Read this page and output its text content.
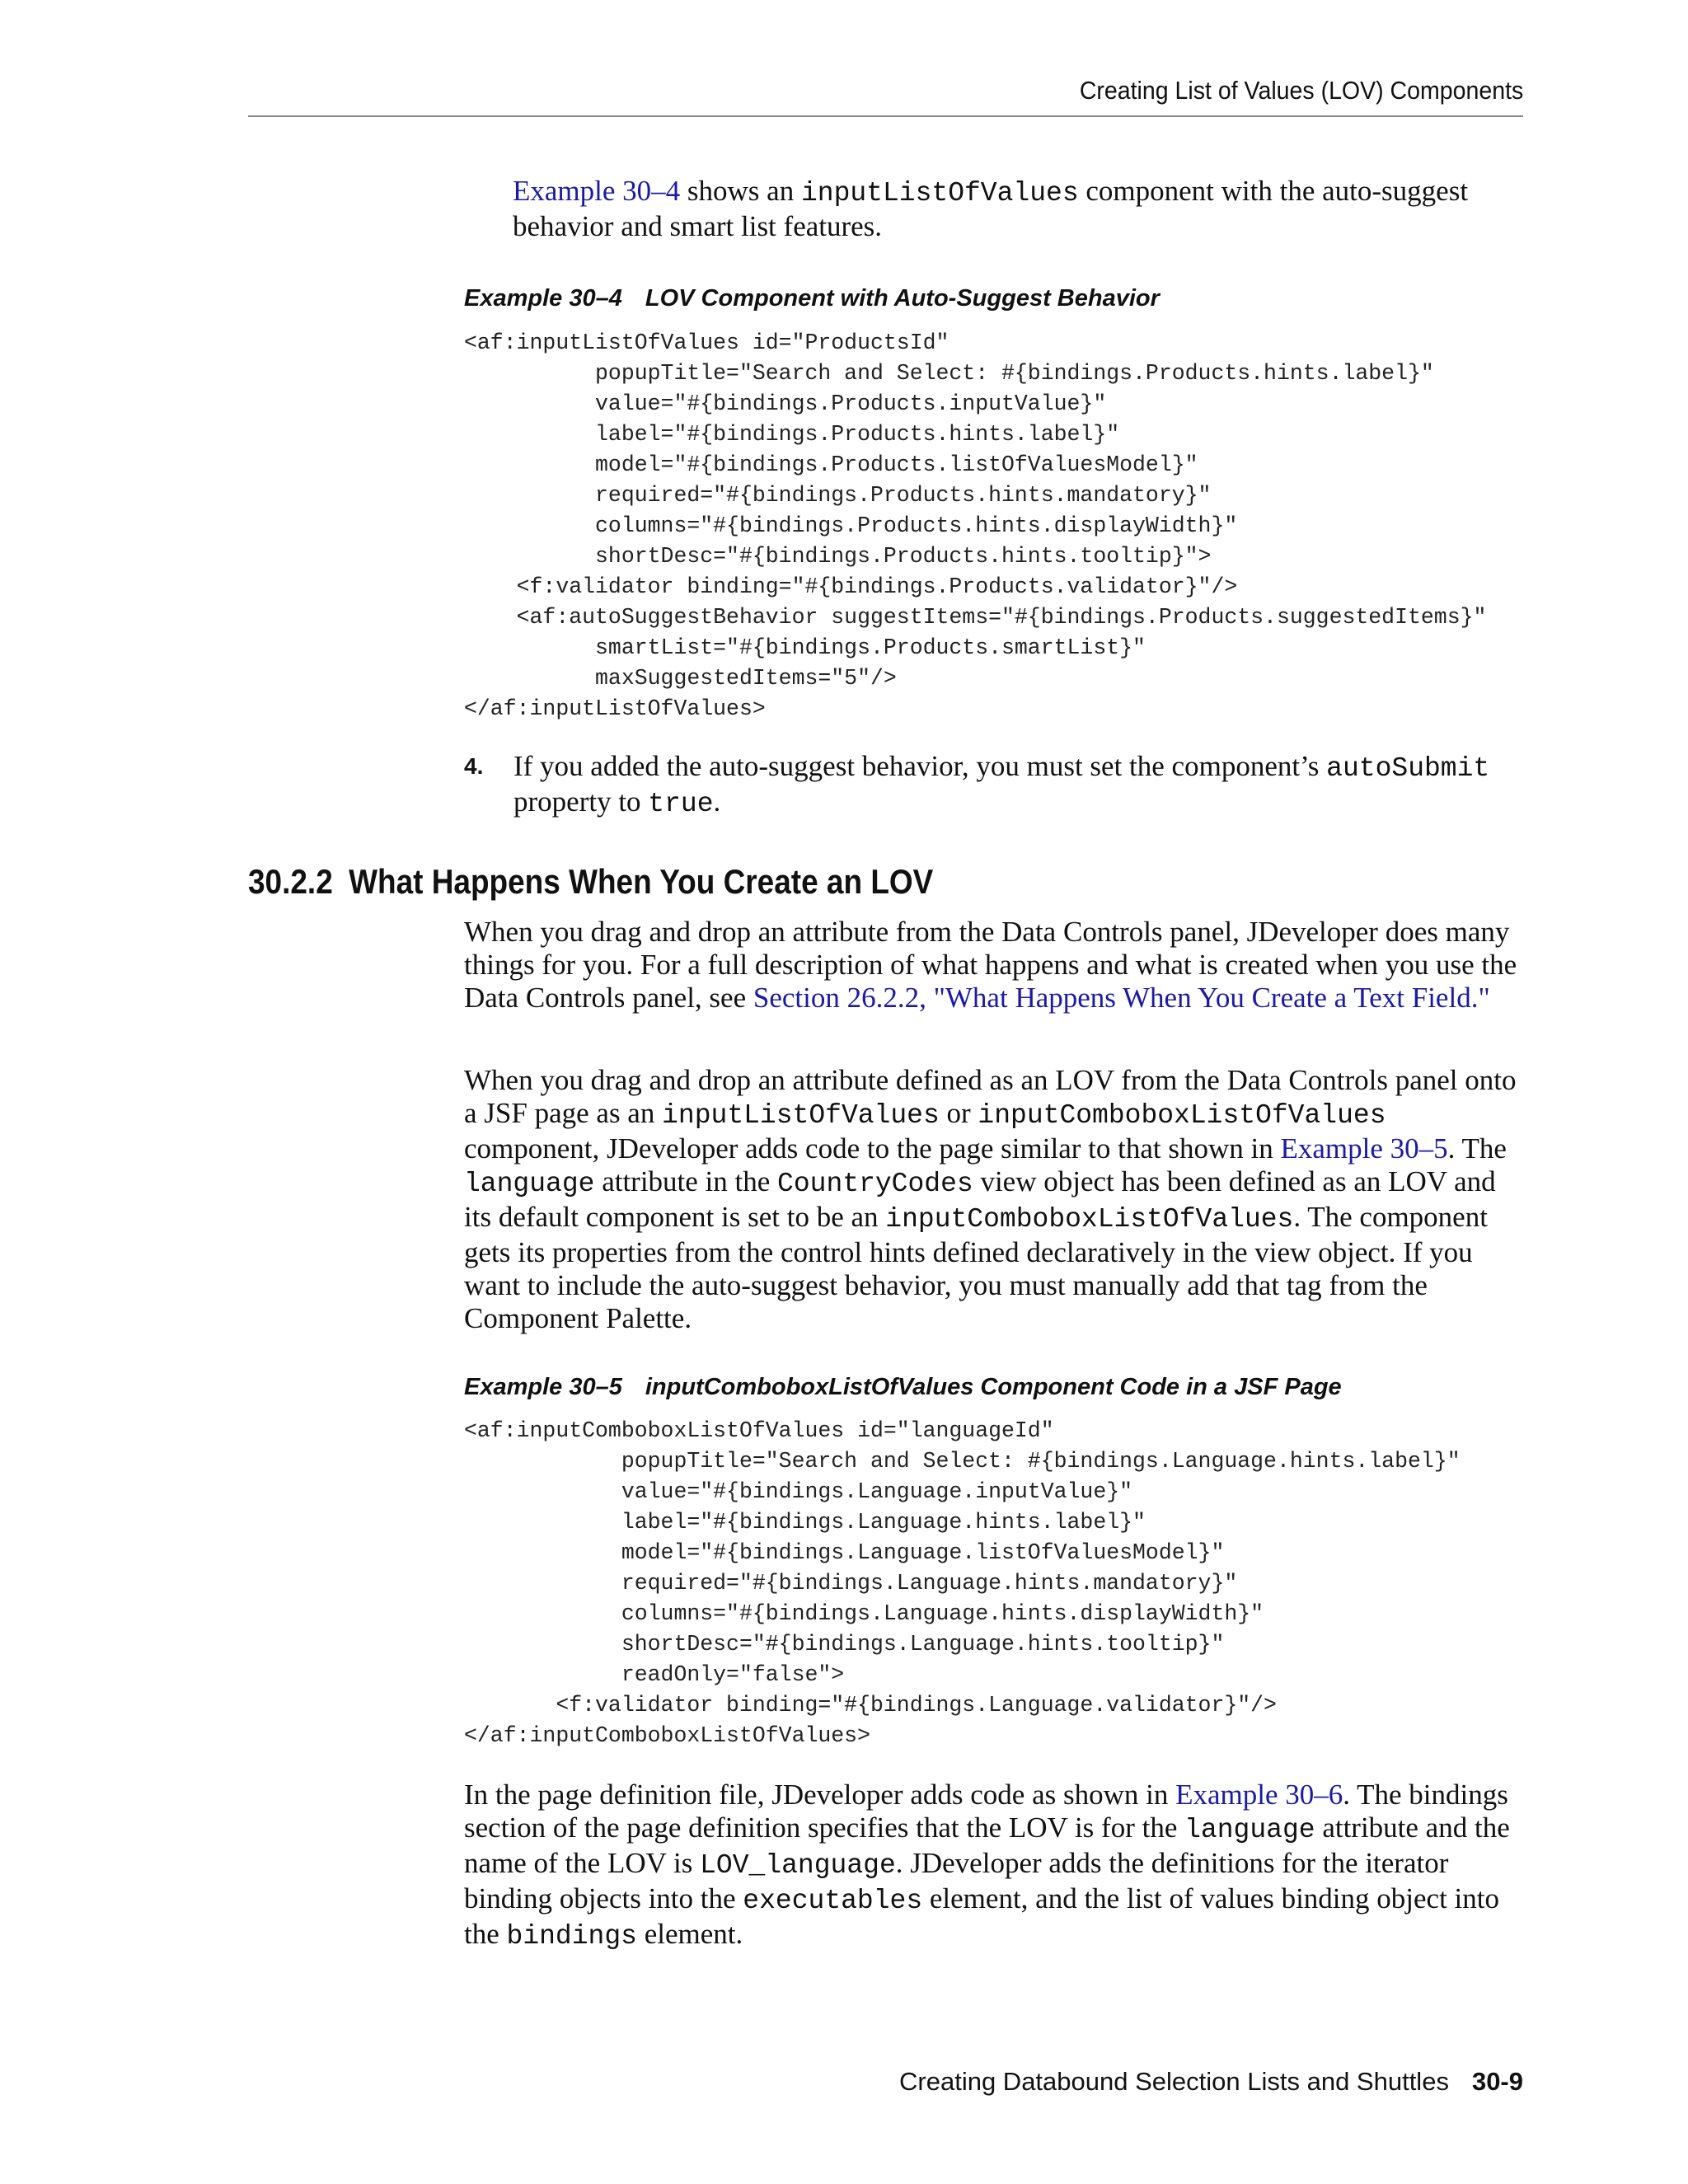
Creating List of Values (LOV) Components

Example 30–4 shows an inputListOfValues component with the auto-suggest behavior and smart list features.

Example 30–4 LOV Component with Auto-Suggest Behavior
<af:inputListOfValues id="ProductsId"
popupTitle="Search and Select: #{bindings.Products.hints.label}"
value="#{bindings.Products.inputValue}"
label="#{bindings.Products.hints.label}"
model="#{bindings.Products.listOfValuesModel}"
required="#{bindings.Products.hints.mandatory}"
columns="#{bindings.Products.hints.displayWidth}"
shortDesc="#{bindings.Products.hints.tooltip}">
<f:validator binding="#{bindings.Products.validator}"/>
<af:autoSuggestBehavior suggestItems="#{bindings.Products.suggestedItems}"
smartList="#{bindings.Products.smartList}"
maxSuggestedItems="5"/>
</af:inputListOfValues>
4. If you added the auto-suggest behavior, you must set the component’s autoSubmit property to true.
30.2.2 What Happens When You Create an LOV

When you drag and drop an attribute from the Data Controls panel, JDeveloper does many things for you. For a full description of what happens and what is created when you use the Data Controls panel, see Section 26.2.2, "What Happens When You Create a Text Field."

When you drag and drop an attribute defined as an LOV from the Data Controls panel onto a JSF page as an inputListOfValues or inputComboboxListOfValues component, JDeveloper adds code to the page similar to that shown in Example 30–5. The language attribute in the CountryCodes view object has been defined as an LOV and its default component is set to be an inputComboboxListOfValues. The component gets its properties from the control hints defined declaratively in the view object. If you want to include the auto-suggest behavior, you must manually add that tag from the Component Palette.

Example 30–5 inputComboboxListOfValues Component Code in a JSF Page
<af:inputComboboxListOfValues id="languageId"
popupTitle="Search and Select: #{bindings.Language.hints.label}"
value="#{bindings.Language.inputValue}"
label="#{bindings.Language.hints.label}"
model="#{bindings.Language.listOfValuesModel}"
required="#{bindings.Language.hints.mandatory}"
columns="#{bindings.Language.hints.displayWidth}"
shortDesc="#{bindings.Language.hints.tooltip}"
readOnly="false">
<f:validator binding="#{bindings.Language.validator}"/>
</af:inputComboboxListOfValues>

In the page definition file, JDeveloper adds code as shown in Example 30–6. The bindings section of the page definition specifies that the LOV is for the language attribute and the name of the LOV is LOV_language. JDeveloper adds the definitions for the iterator binding objects into the executables element, and the list of values binding object into the bindings element.

Creating Databound Selection Lists and Shuttles 30-9
